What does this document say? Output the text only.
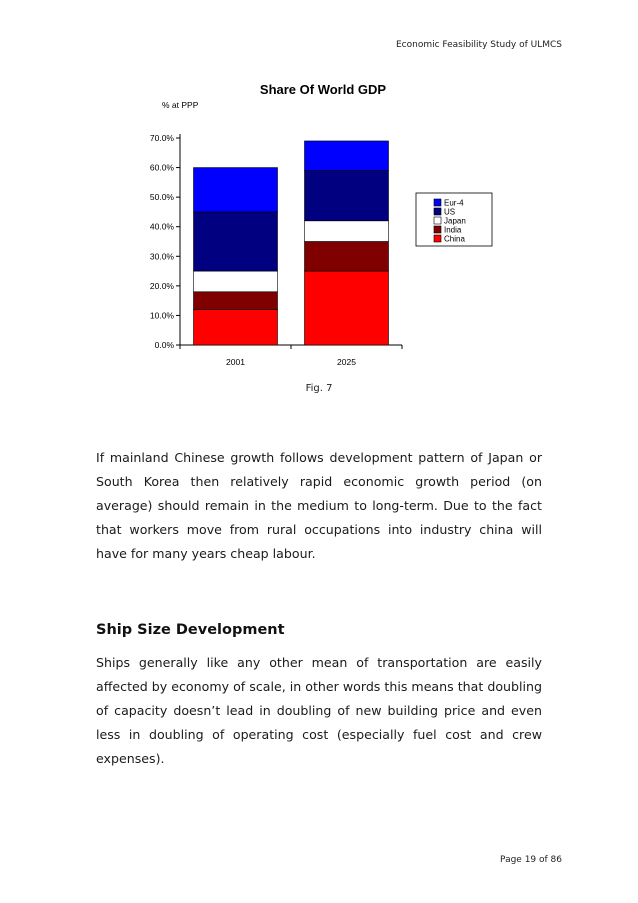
Economic Feasibility Study of ULMCS
Share Of World GDP
% at PPP
0.0%
10.0%
20.0%
30.0%
40.0%
50.0%
60.0%
70.0%
2001	2025
Eur-4
US
Japan
India
China
Fig. 7

If mainland Chinese growth follows development pattern of Japan or South Korea then relatively rapid economic growth period (on average) should remain in the medium to long-term. Due to the fact that workers move from rural occupations into industry china will have for many years cheap labour.

Ship Size Development

Ships generally like any other mean of transportation are easily affected by economy of scale, in other words this means that doubling of capacity doesn’t lead in doubling of new building price and even less in doubling of operating cost (especially fuel cost and crew expenses).

Page 19 of 86
